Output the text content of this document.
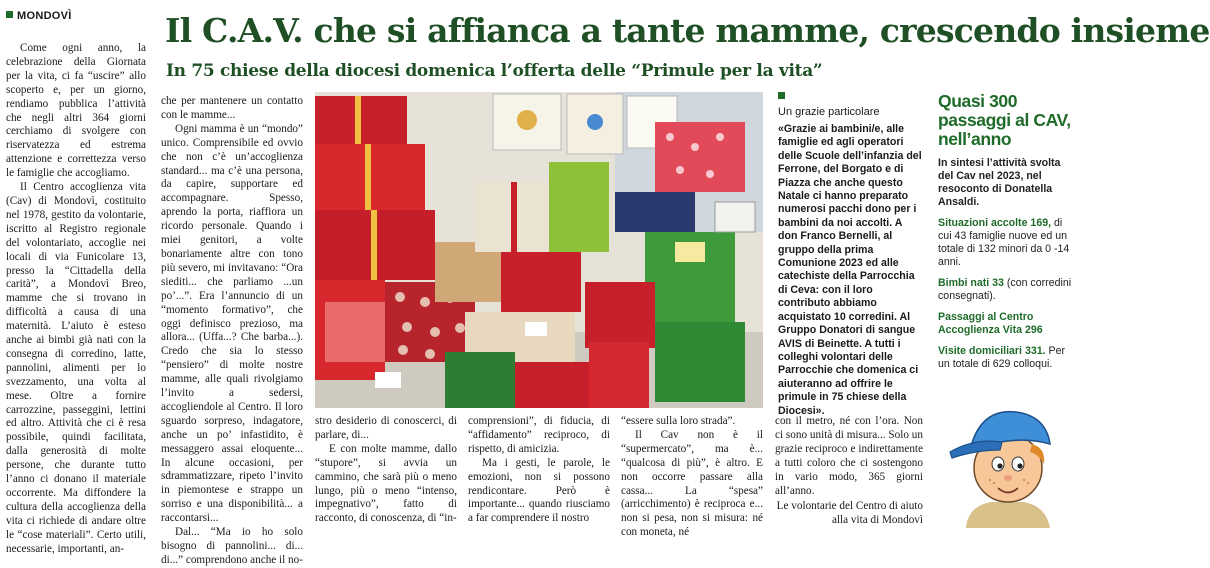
MONDOVÌ	Il C.A.V. che si affianca a tante mamme, crescendo insieme
In 75 chiese della diocesi domenica l’offerta delle “Primule per la vita”

Come ogni anno, la celebrazione della Giornata per la vita, ci fa “uscire” allo scoperto e, per un giorno, rendiamo pubblica l’attività che negli altri 364 giorni cerchiamo di svolgere con riservatezza ed estrema attenzione e correttezza verso le famiglie che accogliamo.

Il Centro accoglienza vita (Cav) di Mondovì, costituito nel 1978, gestito da volontarie, iscritto al Registro regionale del volontariato, accoglie nei locali di via Funicolare 13, presso la “Cittadella della carità”, a Mondovì Breo, mamme che si trovano in difficoltà a causa di una maternità. L’aiuto è esteso anche ai bimbi già nati con la consegna di corredino, latte, pannolini, alimenti per lo svezzamento, una volta al mese. Oltre a fornire carrozzine, passeggini, lettini ed altro. Attività che ci è resa possibile, quindi facilitata, dalla generosità di molte persone, che durante tutto l’anno ci donano il materiale occorrente. Ma diffondere la cultura della accoglienza della vita ci richiede di andare oltre le “cose materiali”. Certo utili, necessarie, importanti, an-

che per mantenere un contatto con le mamme...

Ogni mamma è un “mondo” unico. Comprensibile ed ovvio che non c’è un’accoglienza standard... ma c’è una persona, da capire, supportare ed accompagnare. Spesso, aprendo la porta, riaffiora un ricordo personale. Quando i miei genitori, a volte bonariamente altre con tono più severo, mi invitavano: “Ora siediti... che parliamo ...un po’...”. Era l’annuncio di un “momento formativo”, che oggi definisco prezioso, ma allora... (Uffa...? Che barba...). Credo che sia lo stesso “pensiero” di molte nostre mamme, alle quali rivolgiamo l’invito a sedersi, accogliendole al Centro. Il loro sguardo sorpreso, indagatore, anche un po’ infastidito, è messaggero assai eloquente... In alcune occasioni, per sdrammatizzare, ripeto l’invito in piemontese e strappo un sorriso e una disponibilità... a raccontarsi...

Dal... “Ma io ho solo bisogno di pannolini... di... di...” comprendono anche il no-

Un grazie particolare
«Grazie ai bambini/e, alle famiglie ed agli operatori delle Scuole dell’infanzia del Ferrone, del Borgato e di Piazza che anche questo Natale ci hanno preparato numerosi pacchi dono per i bambini da noi accolti. A don Franco Bernelli, al gruppo della prima Comunione 2023 ed alle catechiste della Parrocchia di Ceva: con il loro contributo abbiamo acquistato 10 corredini. Al Gruppo Donatori di sangue AVIS di Beinette. A tutti i colleghi volontari delle Parrocchie che domenica ci aiuteranno ad offrire le primule in 75 chiese della Diocesi».

stro desiderio di conoscerci, di parlare, di...

E con molte mamme, dallo “stupore”, si avvia un cammino, che sarà più o meno lungo, più o meno “intenso, impegnativo”, fatto di racconto, di conoscenza, di “in-

comprensioni”, di fiducia, di “affidamento” reciproco, di rispetto, di amicizia.

Ma i gesti, le parole, le emozioni, non si possono rendicontare. Però è importante... quando riusciamo a far comprendere il nostro

“essere sulla loro strada”.

Il Cav non è il “supermercato”, ma è... “qualcosa di più”, è altro. E non occorre passare alla cassa... La “spesa” (arricchimento) è reciproca e... non si pesa, non si misura: né con moneta, né

con il metro, né con l’ora. Non ci sono unità di misura... Solo un grazie reciproco e indirettamente a tutti coloro che ci sostengono in vario modo, 365 giorni all’anno.

Le volontarie del Centro di aiuto alla vita di Mondovì

Quasi 300 passaggi al CAV, nell’anno
In sintesi l’attività svolta del Cav nel 2023, nel resoconto di Donatella Ansaldi.
Situazioni accolte 169, di cui 43 famiglie nuove ed un totale di 132 minori da 0 -14 anni.
Bimbi nati 33 (con corredini consegnati).
Passaggi al Centro Accoglienza Vita 296
Visite domiciliari 331. Per un totale di 629 colloqui.
